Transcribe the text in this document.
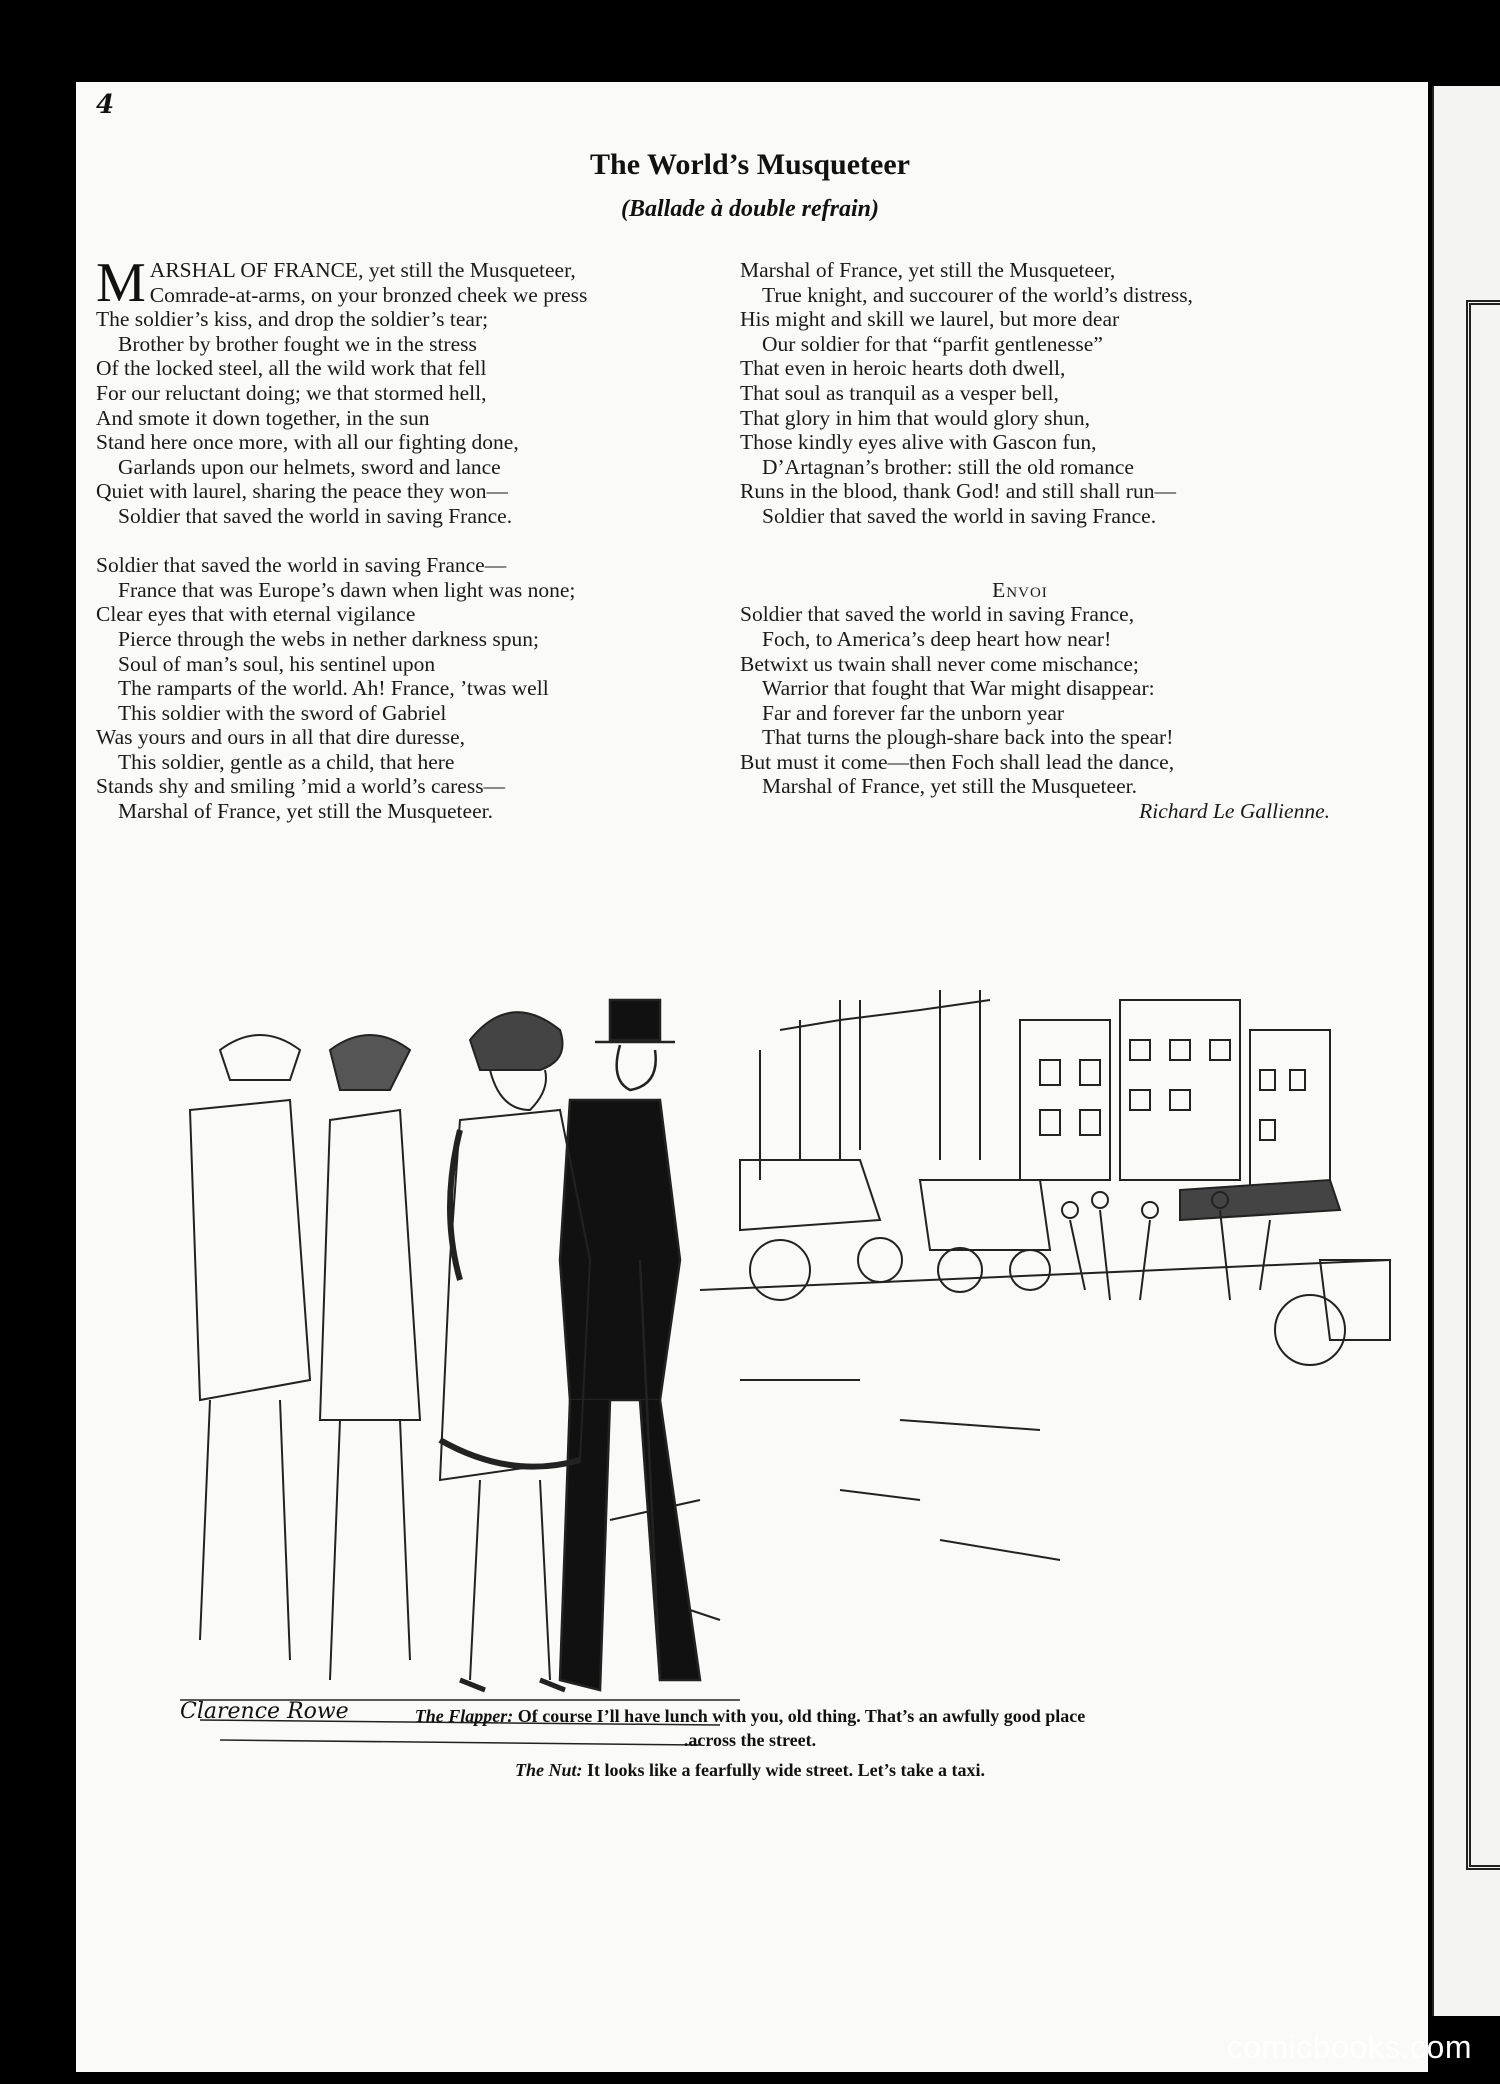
4

The World’s Musqueteer

(Ballade à double refrain)

M ARSHAL OF FRANCE, yet still the Musqueteer,
Comrade-at-arms, on your bronzed cheek we press
The soldier’s kiss, and drop the soldier’s tear;
Brother by brother fought we in the stress
Of the locked steel, all the wild work that fell
For our reluctant doing; we that stormed hell,
And smote it down together, in the sun
Stand here once more, with all our fighting done,
Garlands upon our helmets, sword and lance
Quiet with laurel, sharing the peace they won—
Soldier that saved the world in saving France.
Soldier that saved the world in saving France—
France that was Europe’s dawn when light was none;
Clear eyes that with eternal vigilance
Pierce through the webs in nether darkness spun;
Soul of man’s soul, his sentinel upon
The ramparts of the world. Ah! France, ’twas well
This soldier with the sword of Gabriel
Was yours and ours in all that dire duresse,
This soldier, gentle as a child, that here
Stands shy and smiling ’mid a world’s caress—
Marshal of France, yet still the Musqueteer.
Marshal of France, yet still the Musqueteer,
True knight, and succourer of the world’s distress,
His might and skill we laurel, but more dear
Our soldier for that “parfit gentlenesse”
That even in heroic hearts doth dwell,
That soul as tranquil as a vesper bell,
That glory in him that would glory shun,
Those kindly eyes alive with Gascon fun,
D’Artagnan’s brother: still the old romance
Runs in the blood, thank God! and still shall run—
Soldier that saved the world in saving France.
Envoi
Soldier that saved the world in saving France,
Foch, to America’s deep heart how near!
Betwixt us twain shall never come mischance;
Warrior that fought that War might disappear:
Far and forever far the unborn year
That turns the plough-share back into the spear!
But must it come—then Foch shall lead the dance,
Marshal of France, yet still the Musqueteer.
Richard Le Gallienne.
Clarence Rowe	The Flapper: Of course I’ll have lunch with you, old thing. That’s an awfully good place

.across the street.

The Nut: It looks like a fearfully wide street. Let’s take a taxi.

comicbooks.com
